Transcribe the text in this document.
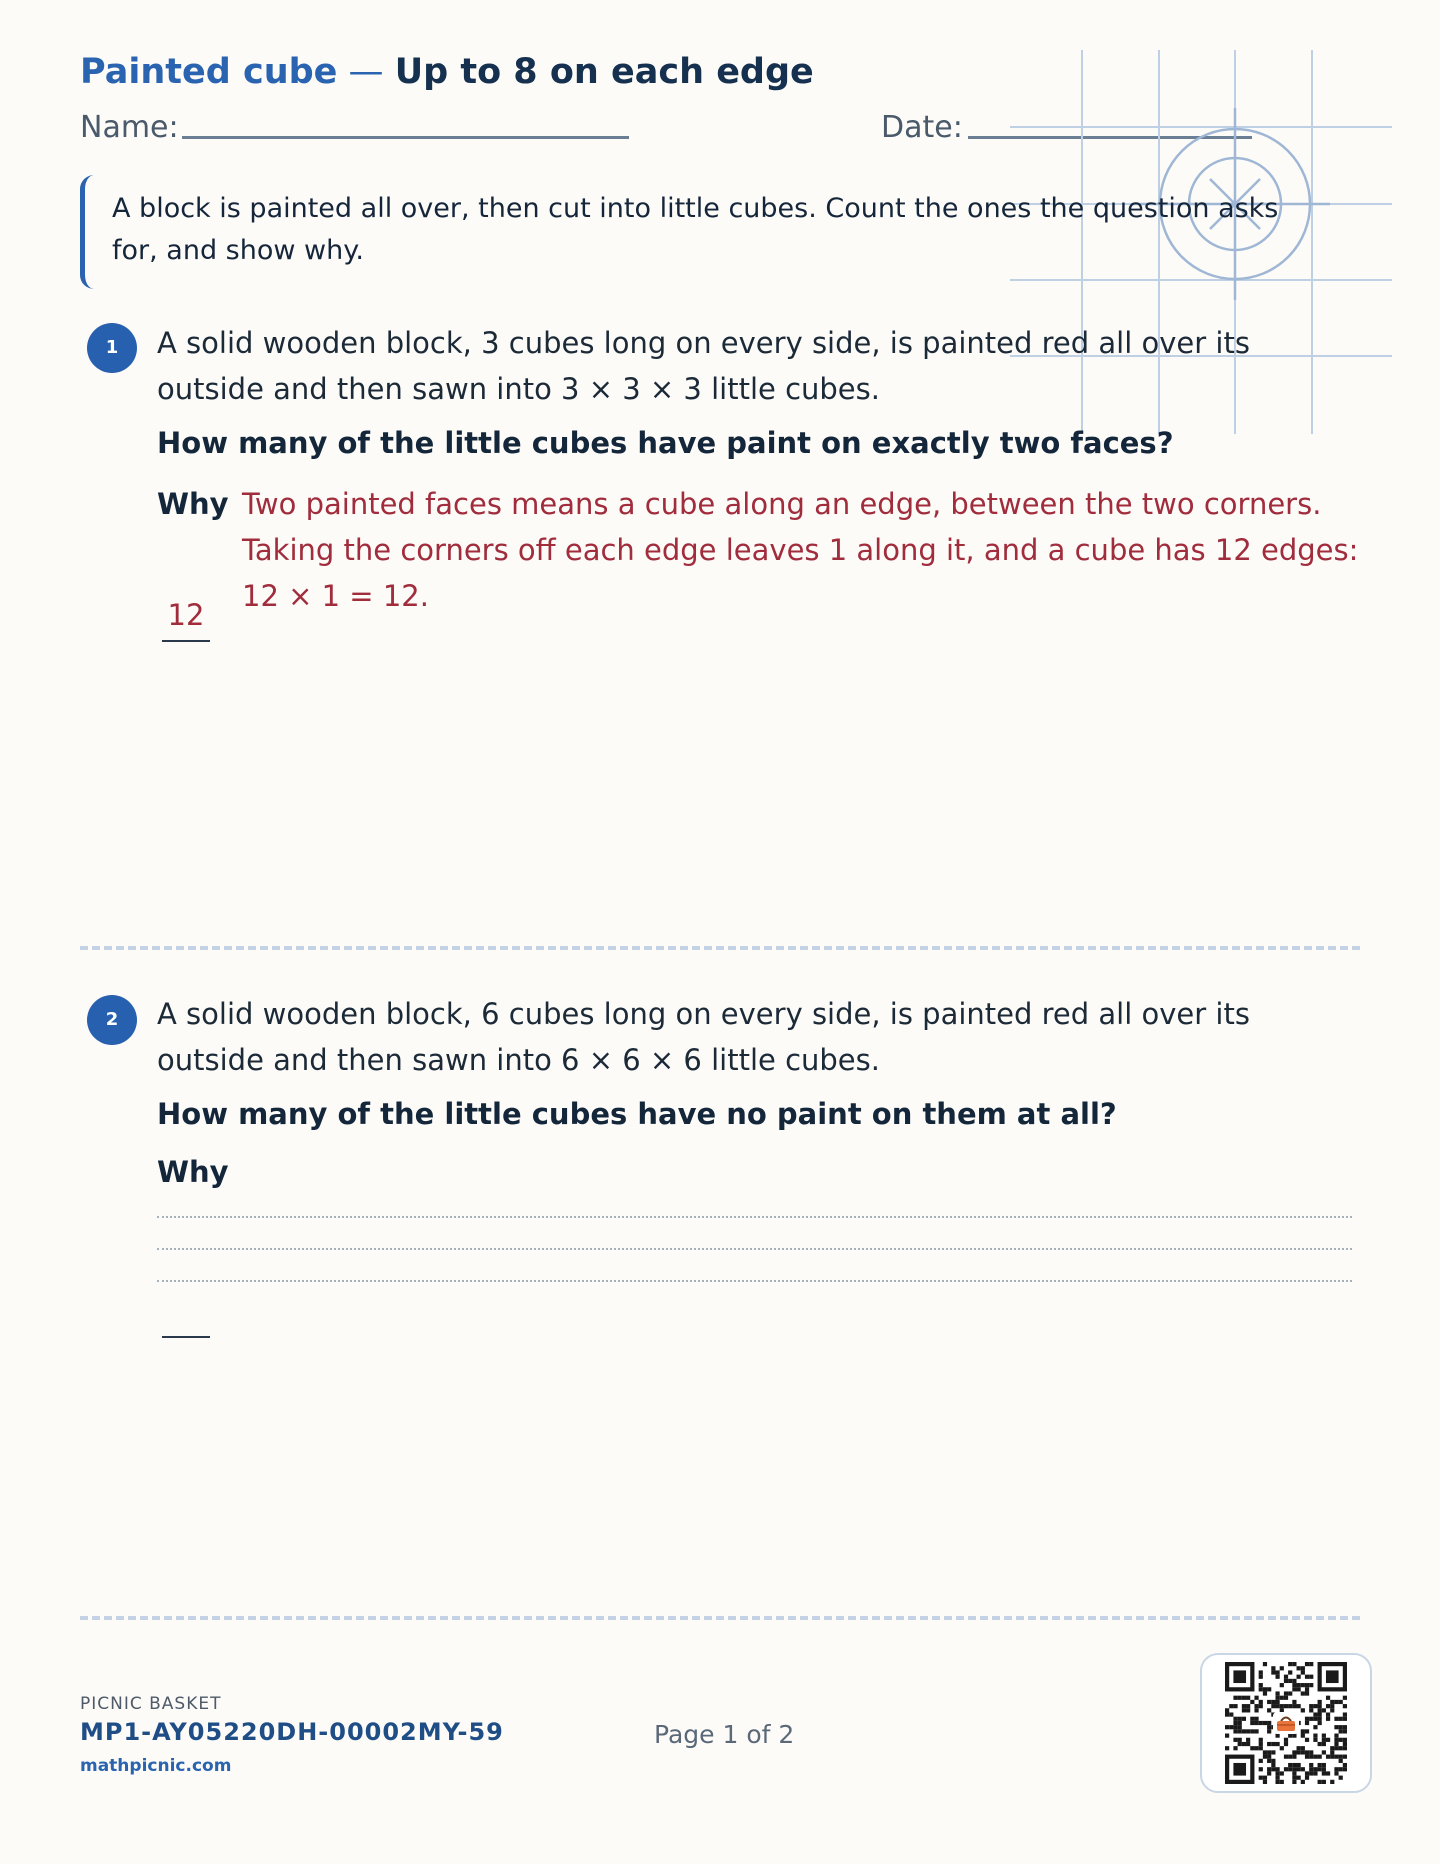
Painted cube — Up to 8 on each edge
Name:	Date:
A block is painted all over, then cut into little cubes. Count the ones the question asks for, and show why.
1	A solid wooden block, 3 cubes long on every side, is painted red all over its outside and then sawn into 3 × 3 × 3 little cubes.
How many of the little cubes have paint on exactly two faces?
Why Two painted faces means a cube along an edge, between the two corners. Taking the corners off each edge leaves 1 along it, and a cube has 12 edges: 12 × 1 = 12.
12
2	A solid wooden block, 6 cubes long on every side, is painted red all over its outside and then sawn into 6 × 6 × 6 little cubes.
How many of the little cubes have no paint on them at all?
Why
PICNIC BASKET
MP1-AY05220DH-00002MY-59
mathpicnic.com
Page 1 of 2
